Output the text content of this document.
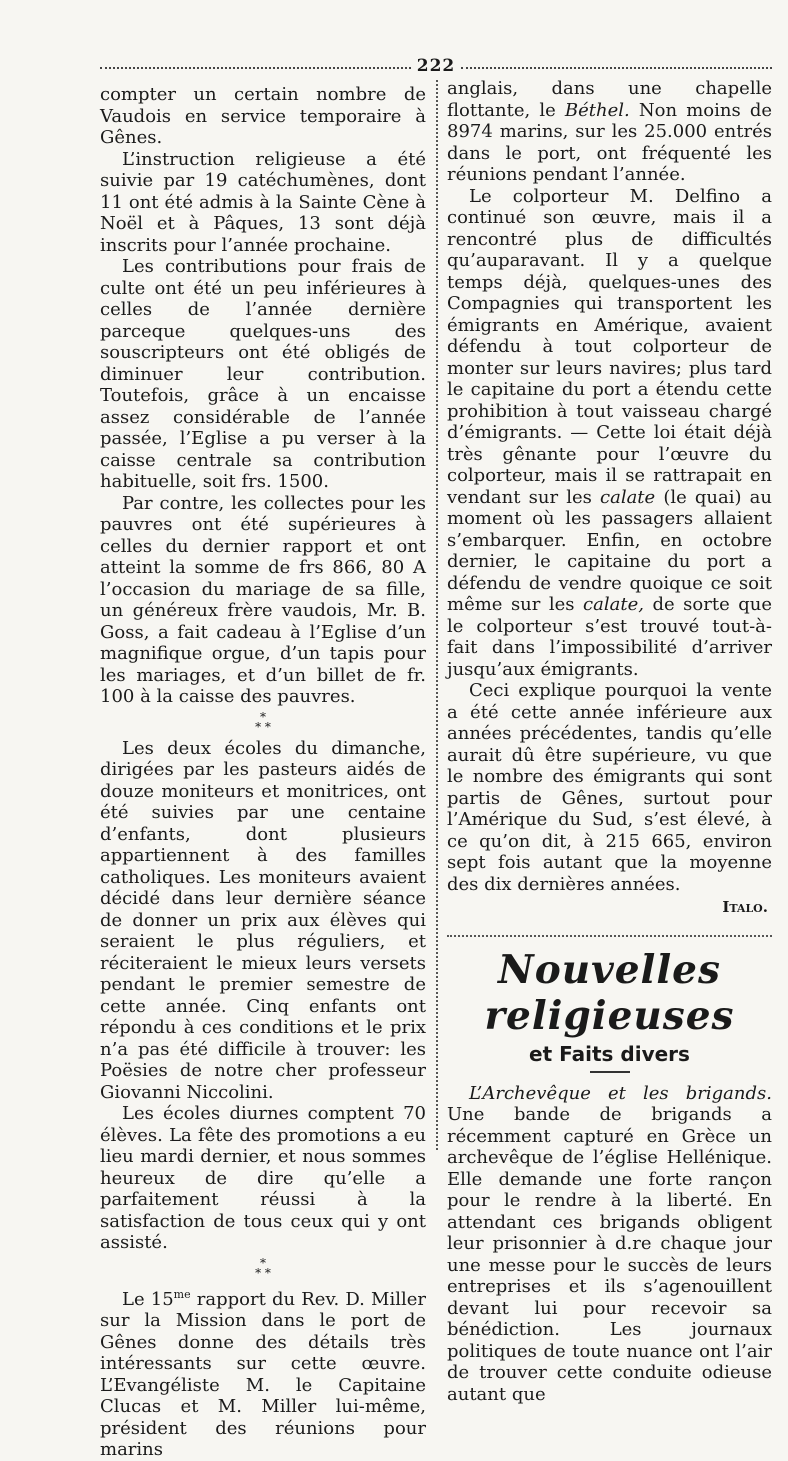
222

compter un certain nombre de Vaudois en service temporaire à Gênes.

L’instruction religieuse a été suivie par 19 catéchumènes, dont 11 ont été admis à la Sainte Cène à Noël et à Pâques, 13 sont déjà inscrits pour l’année prochaine.

Les contributions pour frais de culte ont été un peu inférieures à celles de l’année dernière parceque quelques-uns des souscripteurs ont été obligés de diminuer leur contribution. Toutefois, grâce à un encaisse assez considérable de l’année passée, l’Eglise a pu verser à la caisse centrale sa contribution habituelle, soit frs. 1500.

Par contre, les collectes pour les pauvres ont été supérieures à celles du dernier rapport et ont atteint la somme de frs 866, 80 A l’occasion du mariage de sa fille, un généreux frère vaudois, Mr. B. Goss, a fait cadeau à l’Eglise d’un magnifique orgue, d’un tapis pour les mariages, et d’un billet de fr. 100 à la caisse des pauvres.

*
* *

Les deux écoles du dimanche, dirigées par les pasteurs aidés de douze moniteurs et monitrices, ont été suivies par une centaine d’enfants, dont plusieurs appartiennent à des familles catholiques. Les moniteurs avaient décidé dans leur dernière séance de donner un prix aux élèves qui seraient le plus réguliers, et réciteraient le mieux leurs versets pendant le premier semestre de cette année. Cinq enfants ont répondu à ces conditions et le prix n’a pas été difficile à trouver: les Poësies de notre cher professeur Giovanni Niccolini.

Les écoles diurnes comptent 70 élèves. La fête des promotions a eu lieu mardi dernier, et nous sommes heureux de dire qu’elle a parfaitement réussi à la satisfaction de tous ceux qui y ont assisté.

*
* *

Le $15^{me}$ rapport du Rev. D. Miller sur la Mission dans le port de Gênes donne des détails très intéressants sur cette œuvre. L’Evangéliste M. le Capitaine Clucas et M. Miller lui-même, président des réunions pour marins

anglais, dans une chapelle flottante, le Béthel. Non moins de 8974 marins, sur les 25.000 entrés dans le port, ont fréquenté les réunions pendant l’année.

Le colporteur M. Delfino a continué son œuvre, mais il a rencontré plus de difficultés qu’auparavant. Il y a quelque temps déjà, quelques-unes des Compagnies qui transportent les émigrants en Amérique, avaient défendu à tout colporteur de monter sur leurs navires; plus tard le capitaine du port a étendu cette prohibition à tout vaisseau chargé d’émigrants. — Cette loi était déjà très gênante pour l’œuvre du colporteur, mais il se rattrapait en vendant sur les calate (le quai) au moment où les passagers allaient s’embarquer. Enfin, en octobre dernier, le capitaine du port a défendu de vendre quoique ce soit même sur les calate, de sorte que le colporteur s’est trouvé tout-à-fait dans l’impossibilité d’arriver jusqu’aux émigrants.

Ceci explique pourquoi la vente a été cette année inférieure aux années précédentes, tandis qu’elle aurait dû être supérieure, vu que le nombre des émigrants qui sont partis de Gênes, surtout pour l’Amérique du Sud, s’est élevé, à ce qu’on dit, à 215 665, environ sept fois autant que la moyenne des dix dernières années.

Italo.
Nouvelles religieuses
et Faits divers

L’Archevêque et les brigands. Une bande de brigands a récemment capturé en Grèce un archevêque de l’église Hellénique. Elle demande une forte rançon pour le rendre à la liberté. En attendant ces brigands obligent leur prisonnier à d.re chaque jour une messe pour le succès de leurs entreprises et ils s’agenouillent devant lui pour recevoir sa bénédiction. Les journaux politiques de toute nuance ont l’air de trouver cette conduite odieuse autant que
